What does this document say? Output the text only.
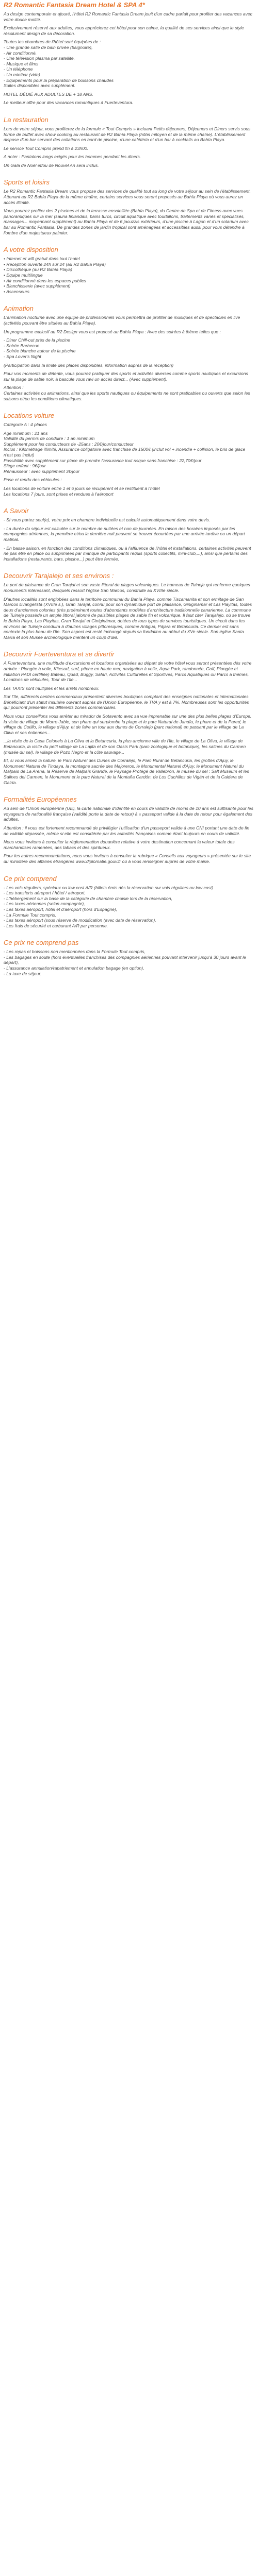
R2 Romantic Fantasia Dream Hotel & SPA 4*

Au design contemporain et ajouré, l'hôtel R2 Romantic Fantasia Dream jouit d'un cadre parfait pour profiter des vacances avec votre douce moitié.

Exclusivement réservé aux adultes, vous apprécierez cet hôtel pour son calme, la qualité de ses services ainsi que le style résolument design de sa décoration.

Toutes les chambres de l'hôtel sont équipées de :
- Une grande salle de bain privée (baignoire),
- Air conditionné,
- Une télévision plasma par satellite,
- Musique et films
- Un téléphone
- Un minibar (vide)
- Equipements pour la préparation de boissons chaudes
Suites disponibles avec supplément.

HOTEL DÉDIÉ AUX ADULTES DE + 18 ANS.

Le meilleur offre pour des vacances romantiques à Fuerteventura.

La restauration

Lors de votre séjour, vous profiterez de la formule « Tout Compris » incluant Petits déjeuners, Déjeuners et Diners servis sous forme de buffet avec show cooking au restaurant de R2 Bahía Playa (hôtel mitoyen et de la même chaîne). L'établissement dispose d'un bar servant des collations en bord de piscine, d'une cafétéria et d'un bar à cocktails au Bahía Playa.

Le service Tout Compris prend fin à 23h00.

A noter : Pantalons longs exigés pour les hommes pendant les diners.

Un Gala de Noël et/ou de Nouvel An sera inclus.

Sports et loisirs

Le R2 Romantic Fantasia Dream vous propose des services de qualité tout au long de votre séjour au sein de l'établissement. Attenant au R2 Bahía Playa de la même chaîne, certains services vous seront proposés au Bahía Playa où vous aurez un accès illimité.

Vous pourrez profiter des 2 piscines et de la terrasse ensoleillée (Bahía Playa), du Centre de Spa et de Fitness avec vues panoramiques sur la mer (sauna finlandais, bains turcs, circuit aquatique avec tourbillons, traitements variés et spécialisés, massages... moyennant supplément) au Bahía Playa et de 6 jacuzzis extérieurs, d'une piscine à Lagon et d'un solarium avec bar au Romantic Fantasia. De grandes zones de jardin tropical sont aménagées et accessibles aussi pour vous détendre à l'ombre d'un majestueux palmier.

A votre disposition
• Internet et wifi gratuit dans tout l'hotel
• Réception ouverte 24h sur 24 (au R2 Bahía Playa)
• Discothèque (au R2 Bahía Playa)
• Equipe multilingue
• Air conditionné dans les espaces publics
• Blanchisserie (avec supplément)
• Ascenseurs
Animation

L'animation nocturne avec une équipe de professionnels vous permettra de profiter de musiques et de spectacles en live (activités pouvant être situées au Bahía Playa).

Un programme exclusif au R2 Design vous est proposé au Bahía Playa : Avec des soirées à thème telles que :

- Diner Chill-out près de la piscine
- Soirée Barbecue
- Soirée blanche autour de la piscine
- Spa Lover's Night

(Participation dans la limite des places disponibles, information auprès de la réception)

Pour vos moments de détente, vous pourrez pratiquer des sports et activités diverses comme sports nautiques et excursions sur la plage de sable noir, à bascule vous ravi un accès direct... (Avec supplément).

Attention :

Certaines activités ou animations, ainsi que les sports nautiques ou équipements ne sont praticables ou ouverts que selon les saisons et/ou les conditions climatiques.

Locations voiture

Catégorie A : 4 places

Age minimum : 21 ans
Validité du permis de conduire : 1 an minimum
Supplément pour les conducteurs de -25ans : 20€/jour/conducteur
Inclus : Kilométrage illimité, Assurance obligatoire avec franchise de 1500€ (inclut vol + incendie + collision, le bris de glace n'est pas inclut)
Possibilité avec supplément sur place de prendre l'assurance tout risque sans franchise : 22,70€/jour
Siège enfant : 9€/jour
Réhausseur : avec supplément 3€/jour

Prise et rendu des véhicules :

Les locations de voiture entre 1 et 6 jours se récupèrent et se restituent à l'hôtel
Les locations 7 jours, sont prises et rendues à l'aéroport
A Savoir

- Si vous partez seul(e), votre prix en chambre individuelle est calculé automatiquement dans votre devis.

- La durée du séjour est calculée sur le nombre de nuitées et non de journées. En raison des horaires imposés par les compagnies aériennes, la première et/ou la dernière nuit peuvent se trouver écourtées par une arrivée tardive ou un départ matinal.

- En basse saison, en fonction des conditions climatiques, ou à l'affluence de l'hôtel et installations, certaines activités peuvent ne pas être en place ou supprimées par manque de participants requis (sports collectifs, mini-club,...), ainsi que pertains des installations (restaurants, bars, piscine...) peut être fermée.

Decouvrir Tarajalejo et ses environs :

Le port de plaisance de Gran Tarajal et son vaste littoral de plages volcaniques. Le hameau de Tuineje qui renferme quelques monuments intéressant, desquels ressort l'église San Marcos, construite au XVIIIe siècle.

D'autres localités sont englobées dans le territoire communal du Bahía Playa, comme Tiscamanita et son ermitage de San Marcos Evangelista (XVIIIe s.), Gran Tarajal, connu pour son dynamique port de plaisance, Giniginámar et Las Playitas, toutes deux d'anciennes colonies (très proéminent toutes d'abondants modèles d'architecture traditionnelle canarienne. La commune de Tuineje possède un ample littoral jalonné de paisibles plages de sable fin et volcanique. Il faut citer Tarajalejo, où se trouve le Bahía Playa, Las Playitas, Gran Tarajal et Giniginámar, dotées de tous types de services touristiques. Un circuit dans les environs de Tuineje conduira à d'autres villages pittoresques, comme Antigua, Pájara et Betancuria. Ce dernier est sans contexte la plus beau de l'île. Son aspect est resté inchangé depuis sa fondation au début du XVe siècle. Son église Santa María et son Musée archéologique méritent un coup d'œil.

Decouvrir Fuerteventura et se divertir

A Fuerteventura, une multitude d'excursions et locations organisées au départ de votre hôtel vous seront présentées dès votre arrivée : Plongée à voile, Kitesurf, surf, pêche en haute mer, navigation à voile, Aqua Park, randonnée, Golf, Plongée et initiation PADI certifiée) Bateau, Quad, Buggy, Safari, Activités Culturelles et Sportives, Parcs Aquatiques ou Parcs à thèmes, Locations de véhicules, Tour de l'île...

Les TAXIS sont multiples et les arrêts nombreux.

Sur l'île, différents centres commerciaux présentent diverses boutiques comptant des enseignes nationales et internationales. Bénéficiant d'un statut insulaire ouvrant auprès de l'Union Européenne, le TVA y est à 7%. Nombreuses sont les opportunités qui pourront présenter les différents zones commerciales.

Nous vous conseillons vous arrêter au mirador de Sotavento avec sa vue imprenable sur une des plus belles plages d'Europe, la visite du village de Morro Jable, son phare qui surplombe la plage et le parc Natural de Jandía, le phare et de la Pared, le village du Cotillo, le village d'Ajuy, et de faire un tour aux dunes de Corralejo (parc national) en passant par le village de La Oliva et ses éoliennes...

...la visite de la Casa Colonels à La Oliva et la Betancuria, la plus ancienne ville de l'île, le village de La Oliva, le village de Betancuria, la visite du petit village de La Lajita et de son Oasis Park (parc zoologique et botanique), les salines du Carmen (musée du sel), le village de Pozo Negro et la côte sauvage...

Et, si vous aimez la nature, le Parc Naturel des Dunes de Corralejo, le Parc Rural de Betancuria, les grottes d'Ajuy, le Monument Naturel de Tindaya, la montagne sacrée des Majoreros, le Monumental Naturel d'Ajuy, le Monument Naturel du Malpaís de La Arena, la Réserve de Malpaís Grande, le Paysage Protégé de Vallebrón, le musée du sel : Salt Museum et les Salines del Carmen, le Monument et le parc Natural de la Montaña Cardón, de Los Cuchillos de Vigán et de la Caldera de Gairía.

Formalités Européennes

Au sein de l'Union européenne (UE), la carte nationale d'identité en cours de validité de moins de 10 ans est suffisante pour les voyageurs de nationalité française (validité porte la date de retour) à « passeport valide à la date de retour pour également des adultes.

Attention : il vous est fortement recommandé de privilégier l'utilisation d'un passeport valide à une CNI portant une date de fin de validité dépassée, même si elle est considérée par les autorités françaises comme étant toujours en cours de validité.

Nous vous invitons à consulter la réglementation douanière relative à votre destination concernant la valeur totale des marchandises ramenées, des tabacs et des spiritueux.

Pour les autres recommandations, nous vous invitons à consulter la rubrique « Conseils aux voyageurs » présentée sur le site du ministère des affaires étrangères www.diplomatie.gouv.fr où à vous renseigner auprès de votre mairie.

Ce prix comprend
- Les vols réguliers, spéciaux ou low cost A/R (billets émis dès la réservation sur vols réguliers ou low cost)
- Les transferts aéroport / hôtel / aéroport,
- L'hébergement sur la base de la catégorie de chambre choisie lors de la réservation,
- Les taxes aériennes (selon compagnie),
- Les taxes aéroport, hôtel et d'aéroport (hors d'Espagne),
- La Formule Tout compris,
- Les taxes aéroport (sous réserve de modification (avec date de réservation),
- Les frais de sécurité et carburant A/R par personne.
Ce prix ne comprend pas
- Les repas et boissons non mentionnées dans la Formule Tout compris,
- Les bagages en soute (hors éventuelles franchises des compagnies aériennes pouvant intervenir jusqu'à 30 jours avant le départ),
- L'assurance annulation/rapatriement et annulation bagage (en option),
- La taxe de séjour.
